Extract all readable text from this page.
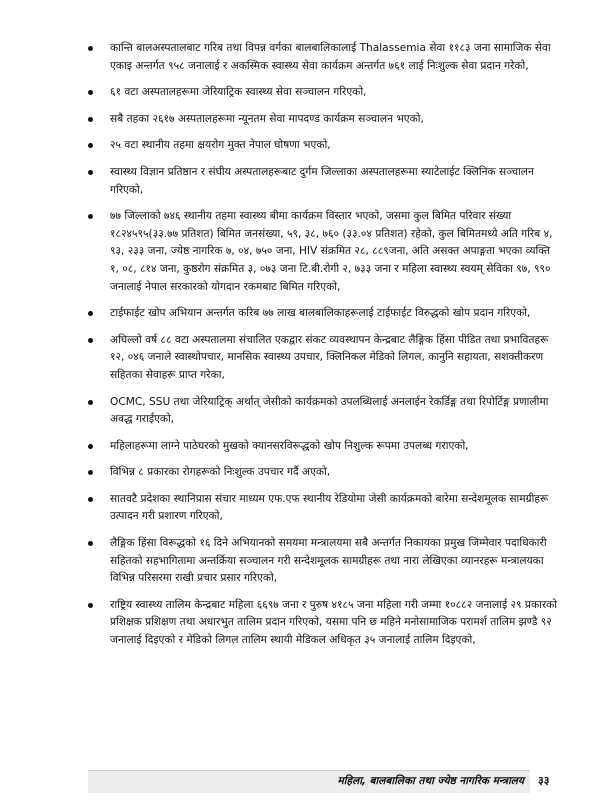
कान्ति बालअस्पतालबाट गरिब तथा विपन्न वर्गका बालबालिकालाई Thalassemia सेवा ११८३ जना सामाजिक सेवा एकाइ अन्तर्गत ९५८ जनालाई र अकस्मिक स्वास्थ्य सेवा कार्यक्रम अन्तर्गत ७६१ लाई निःशुल्क सेवा प्रदान गरेको,
६१ वटा अस्पतालहरूमा जेरियाट्रिक स्वास्थ्य सेवा सञ्चालन गरिएको,
सबै तहका २६१७ अस्पतालहरूमा न्यूनतम सेवा मापदण्ड कार्यक्रम सञ्चालन भएको,
२५ वटा स्थानीय तहमा क्षयरोग मुक्त नेपाल घोषणा भएको,
स्वास्थ्य विज्ञान प्रतिष्ठान र संघीय अस्पतालहरूबाट दुर्गम जिल्लाका अस्पतालहरूमा स्याटेलाईट क्लिनिक सञ्चालन गरिएको,
७७ जिल्लाको ७४६ स्थानीय तहमा स्वास्थ्य बीमा कार्यक्रम विस्तार भएको, जसमा कुल बिमित परिवार संख्या १८२४५९५(३३.७७ प्रतिशत) बिमित जनसंख्या, ५९, ३८, ७६० (३३.०४ प्रतिशत) रहेको, कुल बिमितमध्ये अति गरिब ४, ९३, २३३ जना, ज्येष्ठ नागरिक ७, ०४, ७५० जना, HIV संक्रमित २८, ८८९जना, अति असक्त अपाङ्गता भएका व्यक्ति १, ०८, ८१४ जना, कुष्ठरोग संक्रमित ३, ०७३ जना टि.बी.रोगी २, ७३३ जना र महिला स्वास्थ्य स्वयम् सेविका ९७, ९९० जनालाई नेपाल सरकारको योगदान रकमबाट बिमित गरिएको,
टाईफाईट खोप अभियान अन्तर्गत करिब ७७ लाख बालबालिकाहरूलाई टाईफाईट विरुद्धको खोप प्रदान गरिएको,
अघिल्लो वर्ष ८८ वटा अस्पतालमा संचालित एकद्वार संकट व्यवस्थापन केन्द्रबाट लैङ्गिक हिंसा पीडित तथा प्रभावितहरू १२, ०४६ जनाले स्वास्थोपचार, मानसिक स्वास्थ्य उपचार, क्लिनिकल मेडिको लिगल, कानुनि सहायता, सशक्तीकरण सहितका सेवाहरू प्राप्त गरेका,
OCMC, SSU तथा जेरियाट्रिक् अर्थात् जेसीको कार्यक्रमको उपलब्धिलाई अनलाईन रेकर्डिङ्ग तथा रिपोर्टिङ्ग प्रणालीमा अवद्ध गराईएको,
महिलाहरूमा लाग्ने पाठेघरको मुखको क्यानसरविरूद्धको खोप निशुल्क रूपमा उपलब्ध गराएको,
विभिन्न ८ प्रकारका रोगहरूको निःशुल्क उपचार गर्दै अएको,
सातवटै प्रदेशका स्थानिप्रास संचार माध्यम एफ.एफ स्थानीय रेडियोमा जेसी कार्यक्रमको बारेमा सन्देशमूलक सामग्रीहरू उत्पादन गरी प्रशारण गरिएको,
लैङ्गिक हिंसा विरूद्धको १६ दिने अभियानको समयमा मन्त्रालयमा सबै अन्तर्गत निकायका प्रमुख जिम्मेवार पदाधिकारी सहितको सहभागितामा अन्तर्क्रिया सञ्चालन गरी सन्देशमूलक सामग्रीहरू तथा नारा लेखिएका व्यानरहरू मन्त्रालयका विभिन्न परिसरमा राखी प्रचार प्रसार गरिएको,
राष्ट्रिय स्वास्थ्य तालिम केन्द्रबाट महिला ६६९७ जना र पुरुष ४१८५ जना महिला गरी जम्मा १०८८२ जनालाई २९ प्रकारको प्रशिक्षक प्रशिक्षण तथा अधारभुत तालिम प्रदान गरिएको, यसमा पनि छ महिने मनोसामाजिक परामर्श तालिम झण्डै ९२ जनालाई दिइएको र मेडिको लिगल तालिम स्थायी मेडिकल अधिकृत ३५ जनालाई तालिम दिइएको,
महिला, बालबालिका तथा ज्येष्ठ नागरिक मन्त्रालय ३३
